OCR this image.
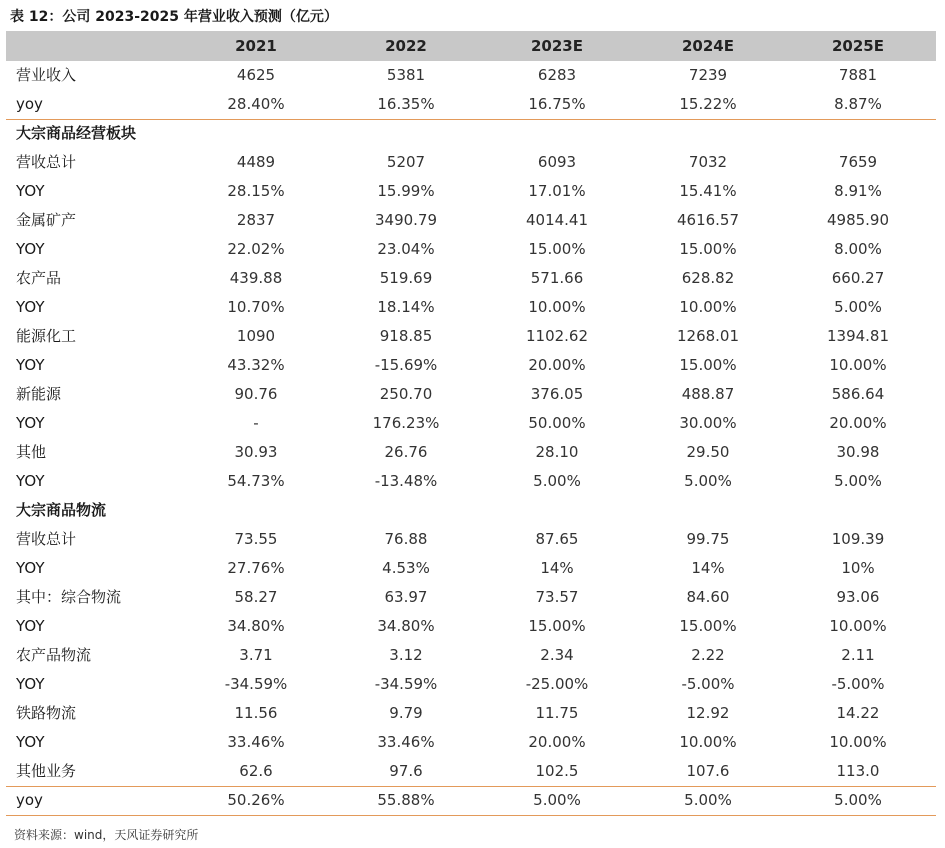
表 12：公司 2023-2025 年营业收入预测（亿元）
2021	2022	2023E	2024E	2025E
营业收入	4625	5381	6283	7239	7881
yoy	28.40%	16.35%	16.75%	15.22%	8.87%
大宗商品经营板块
营收总计	4489	5207	6093	7032	7659
YOY	28.15%	15.99%	17.01%	15.41%	8.91%
金属矿产	2837	3490.79	4014.41	4616.57	4985.90
YOY	22.02%	23.04%	15.00%	15.00%	8.00%
农产品	439.88	519.69	571.66	628.82	660.27
YOY	10.70%	18.14%	10.00%	10.00%	5.00%
能源化工	1090	918.85	1102.62	1268.01	1394.81
YOY	43.32%	-15.69%	20.00%	15.00%	10.00%
新能源	90.76	250.70	376.05	488.87	586.64
YOY	-	176.23%	50.00%	30.00%	20.00%
其他	30.93	26.76	28.10	29.50	30.98
YOY	54.73%	-13.48%	5.00%	5.00%	5.00%
大宗商品物流
营收总计	73.55	76.88	87.65	99.75	109.39
YOY	27.76%	4.53%	14%	14%	10%
其中：综合物流	58.27	63.97	73.57	84.60	93.06
YOY	34.80%	34.80%	15.00%	15.00%	10.00%
农产品物流	3.71	3.12	2.34	2.22	2.11
YOY	-34.59%	-34.59%	-25.00%	-5.00%	-5.00%
铁路物流	11.56	9.79	11.75	12.92	14.22
YOY	33.46%	33.46%	20.00%	10.00%	10.00%
其他业务	62.6	97.6	102.5	107.6	113.0
yoy	50.26%	55.88%	5.00%	5.00%	5.00%
资料来源：wind，天风证券研究所
